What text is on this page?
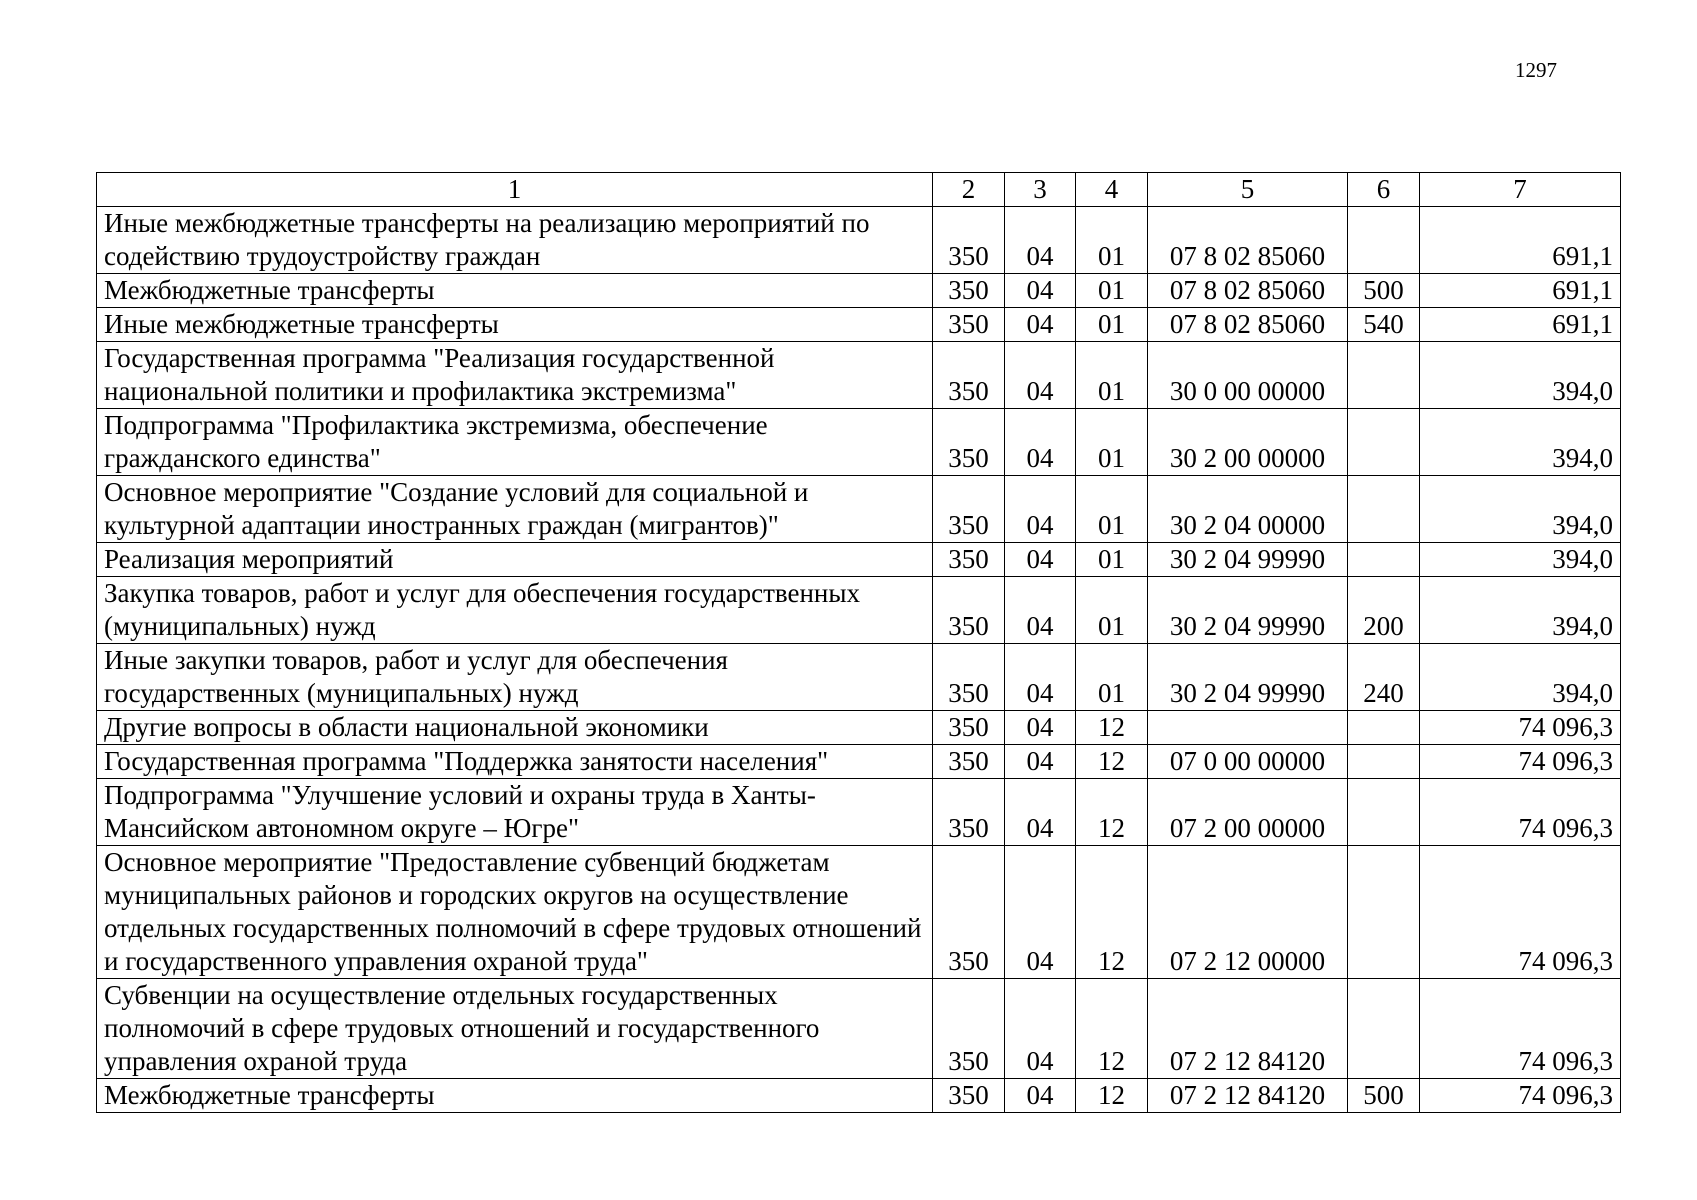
1297
1	2	3	4	5	6	7
Иные межбюджетные трансферты на реализацию мероприятий по содействию трудоустройству граждан	350	04	01	07 8 02 85060		691,1
Межбюджетные трансферты	350	04	01	07 8 02 85060	500	691,1
Иные межбюджетные трансферты	350	04	01	07 8 02 85060	540	691,1
Государственная программа "Реализация государственной национальной политики и профилактика экстремизма"	350	04	01	30 0 00 00000		394,0
Подпрограмма "Профилактика экстремизма, обеспечение гражданского единства"	350	04	01	30 2 00 00000		394,0
Основное мероприятие "Создание условий для социальной и культурной адаптации иностранных граждан (мигрантов)"	350	04	01	30 2 04 00000		394,0
Реализация мероприятий	350	04	01	30 2 04 99990		394,0
Закупка товаров, работ и услуг для обеспечения государственных (муниципальных) нужд	350	04	01	30 2 04 99990	200	394,0
Иные закупки товаров, работ и услуг для обеспечения государственных (муниципальных) нужд	350	04	01	30 2 04 99990	240	394,0
Другие вопросы в области национальной экономики	350	04	12			74 096,3
Государственная программа "Поддержка занятости населения"	350	04	12	07 0 00 00000		74 096,3
Подпрограмма "Улучшение условий и охраны труда в Ханты-Мансийском автономном округе – Югре"	350	04	12	07 2 00 00000		74 096,3
Основное мероприятие "Предоставление субвенций бюджетам муниципальных районов и городских округов на осуществление отдельных государственных полномочий в сфере трудовых отношений и государственного управления охраной труда"	350	04	12	07 2 12 00000		74 096,3
Субвенции на осуществление отдельных государственных полномочий в сфере трудовых отношений и государственного управления охраной труда	350	04	12	07 2 12 84120		74 096,3
Межбюджетные трансферты	350	04	12	07 2 12 84120	500	74 096,3
